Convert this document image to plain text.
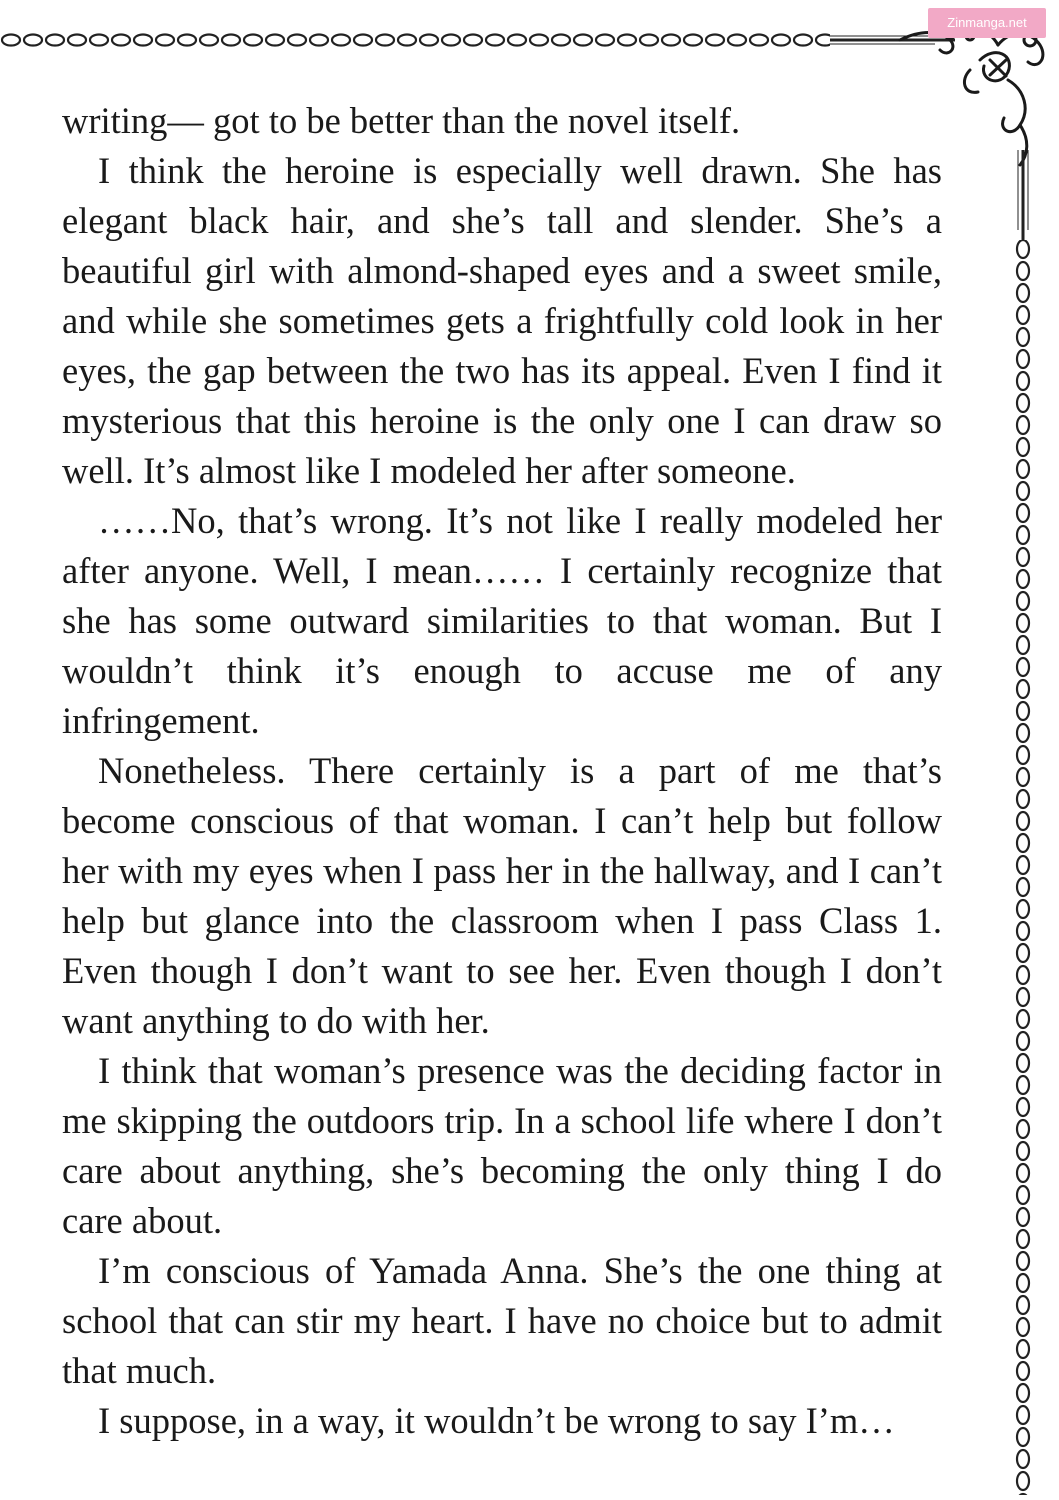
Zinmanga.net

writing— got to be better than the novel itself.

I think the heroine is especially well drawn. She has elegant black hair, and she’s tall and slender. She’s a beautiful girl with almond-shaped eyes and a sweet smile, and while she sometimes gets a frightfully cold look in her eyes, the gap between the two has its appeal. Even I find it mysterious that this heroine is the only one I can draw so well. It’s almost like I modeled her after someone.

……No, that’s wrong. It’s not like I really modeled her after anyone. Well, I mean…… I certainly recognize that she has some outward similarities to that woman. But I wouldn’t think it’s enough to accuse me of any infringement.

Nonetheless. There certainly is a part of me that’s become conscious of that woman. I can’t help but follow her with my eyes when I pass her in the hallway, and I can’t help but glance into the classroom when I pass Class 1. Even though I don’t want to see her. Even though I don’t want anything to do with her.

I think that woman’s presence was the deciding factor in me skipping the outdoors trip. In a school life where I don’t care about anything, she’s becoming the only thing I do care about.

I’m conscious of Yamada Anna. She’s the one thing at school that can stir my heart. I have no choice but to admit that much.

I suppose, in a way, it wouldn’t be wrong to say I’m…
